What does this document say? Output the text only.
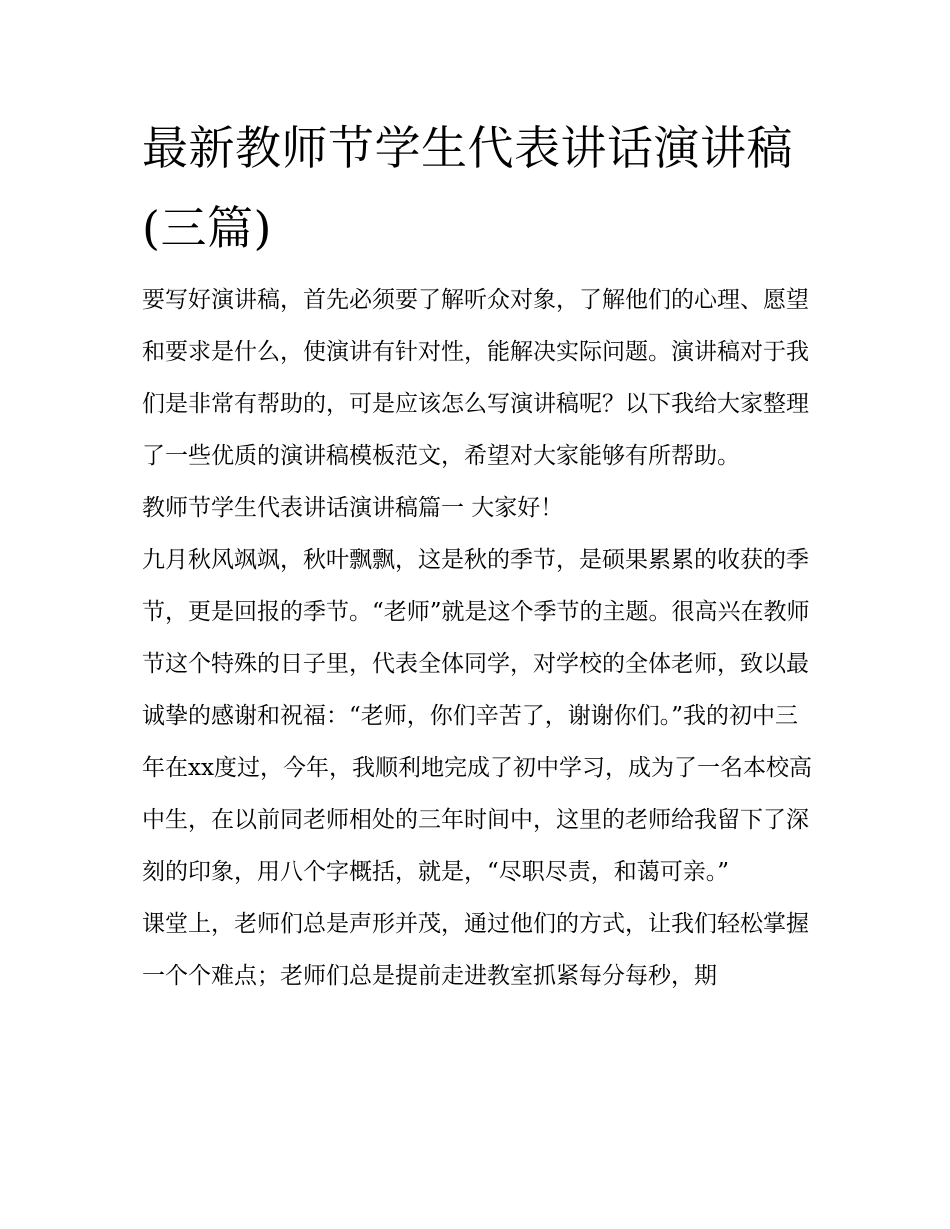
最新教师节学生代表讲话演讲稿(三篇)

要写好演讲稿，首先必须要了解听众对象，了解他们的心理、愿望和要求是什么，使演讲有针对性，能解决实际问题。演讲稿对于我们是非常有帮助的，可是应该怎么写演讲稿呢？以下我给大家整理了一些优质的演讲稿模板范文，希望对大家能够有所帮助。

教师节学生代表讲话演讲稿篇一 大家好！

九月秋风飒飒，秋叶飘飘，这是秋的季节，是硕果累累的收获的季节，更是回报的季节。“老师”就是这个季节的主题。很高兴在教师节这个特殊的日子里，代表全体同学，对学校的全体老师，致以最诚挚的感谢和祝福：“老师，你们辛苦了，谢谢你们。”我的初中三年在xx度过，今年，我顺利地完成了初中学习，成为了一名本校高中生，在以前同老师相处的三年时间中，这里的老师给我留下了深刻的印象，用八个字概括，就是，“尽职尽责，和蔼可亲。”

课堂上，老师们总是声形并茂，通过他们的方式，让我们轻松掌握一个个难点；老师们总是提前走进教室抓紧每分每秒，期
